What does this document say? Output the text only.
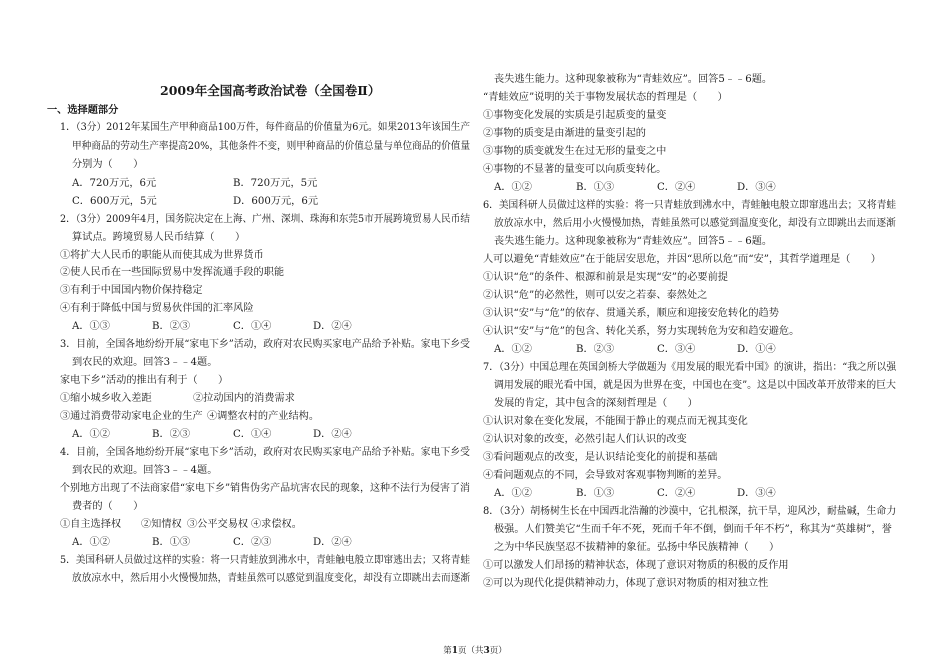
2009年全国高考政治试卷（全国卷Ⅱ）
一、选择题部分
1．（3分）2012年某国生产甲种商品100万件，每件商品的价值量为6元。如果2013年该国生产
甲种商品的劳动生产率提高20%，其他条件不变，则甲种商品的价值总量与单位商品的价值量
分别为（　　）
A．720万元，6元	B．720万元，5元
C．600万元，5元	D．600万元，6元
2．（3分）2009年4月，国务院决定在上海、广州、深圳、珠海和东莞5市开展跨境贸易人民币结
算试点。跨境贸易人民币结算（　　）
①将扩大人民币的职能从而使其成为世界货币
②使人民币在一些国际贸易中发挥流通手段的职能
③有利于中国国内物价保持稳定
④有利于降低中国与贸易伙伴国的汇率风险
A．①③	B．②③	C．①④	D．②④
3．目前，全国各地纷纷开展“家电下乡”活动，政府对农民购买家电产品给予补贴。家电下乡受
到农民的欢迎。回答3﹣﹣4题。
家电下乡”活动的推出有利于（　　）
①缩小城乡收入差距	②拉动国内的消费需求
③通过消费带动家电企业的生产 ④调整农村的产业结构。
A．①②	B．②③	C．①④	D．②④
4．目前，全国各地纷纷开展“家电下乡”活动，政府对农民购买家电产品给予补贴。家电下乡受
到农民的欢迎。回答3﹣﹣4题。
个别地方出现了不法商家借“家电下乡”销售伪劣产品坑害农民的现象，这种不法行为侵害了消
费者的（　　）
①自主选择权 ②知情权 ③公平交易权 ④求偿权。
A．①②	B．①③	C．②③	D．②④
5．美国科研人员做过这样的实验：将一只青蛙放到沸水中，青蛙触电般立即窜逃出去；又将青蛙
放放凉水中，然后用小火慢慢加热，青蛙虽然可以感觉到温度变化，却没有立即跳出去而逐渐
丧失逃生能力。这种现象被称为“青蛙效应”。回答5﹣﹣6题。
“青蛙效应”说明的关于事物发展状态的哲理是（　　）
①事物变化发展的实质是引起质变的量变
②事物的质变是由渐进的量变引起的
③事物的质变就发生在过无形的量变之中
④事物的不显著的量变可以向质变转化。
A．①②	B．①③	C．②④	D．③④
6．美国科研人员做过这样的实验：将一只青蛙放到沸水中，青蛙触电般立即窜逃出去；又将青蛙
放放凉水中，然后用小火慢慢加热，青蛙虽然可以感觉到温度变化，却没有立即跳出去而逐渐
丧失逃生能力。这种现象被称为“青蛙效应”。回答5﹣﹣6题。
人可以避免“青蛙效应”在于能居安思危，并因“思所以危”而“安”，其哲学道理是（　　）
①认识“危”的条件、根源和前景是实现“安”的必要前提
②认识“危”的必然性，则可以安之若泰、泰然处之
③认识“安”与“危”的依存、贯通关系，顺应和迎接安危转化的趋势
④认识“安”与“危”的包含、转化关系，努力实现转危为安和趋安避危。
A．①②	B．②③	C．③④	D．①④
7．（3分）中国总理在英国剑桥大学做题为《用发展的眼光看中国》的演讲，指出：“我之所以强
调用发展的眼光看中国，就是因为世界在变，中国也在变”。这是以中国改革开放带来的巨大
发展的肯定，其中包含的深刻哲理是（　　）
①认识对象在变化发展，不能囿于静止的观点而无视其变化
②认识对象的改变，必然引起人们认识的改变
③看问题观点的改变，是认识结论变化的前提和基础
④看问题观点的不同，会导致对客观事物判断的差异。
A．①②	B．①③	C．②④	D．③④
8．（3分）胡杨树生长在中国西北浩瀚的沙漠中，它扎根深，抗干旱，迎风沙，耐盐碱，生命力
极强。人们赞美它“生而千年不死，死而千年不倒，倒而千年不朽”，称其为“英雄树”，誉
之为中华民族坚忍不拔精神的象征。弘扬中华民族精神（　　）
①可以激发人们昂扬的精神状态，体现了意识对物质的积极的反作用
②可以为现代化提供精神动力，体现了意识对物质的相对独立性
第1页（共3页）
